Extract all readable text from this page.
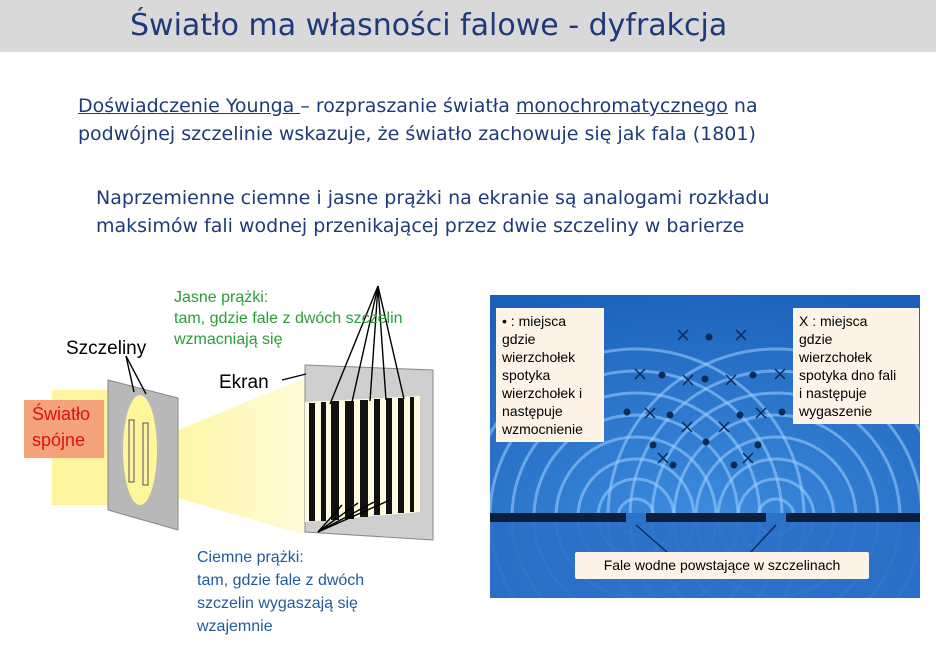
Światło ma własności falowe - dyfrakcja
Doświadczenie Younga – rozpraszanie światła monochromatycznego na
podwójnej szczelinie wskazuje, że światło zachowuje się jak fala (1801)
Naprzemienne ciemne i jasne prążki na ekranie są analogami rozkładu
maksimów fali wodnej przenikającej przez dwie szczeliny w barierze
Jasne prążki:
tam, gdzie fale z dwóch szczelin
wzmacniają się
Szczeliny
Ekran
Światło
spójne
Ciemne prążki:
tam, gdzie fale z dwóch
szczelin wygaszają się
wzajemnie
• : miejsca
gdzie
wierzchołek
spotyka
wierzchołek i
następuje
wzmocnienie
X : miejsca
gdzie
wierzchołek
spotyka dno fali
i następuje
wygaszenie
Fale wodne powstające w szczelinach
